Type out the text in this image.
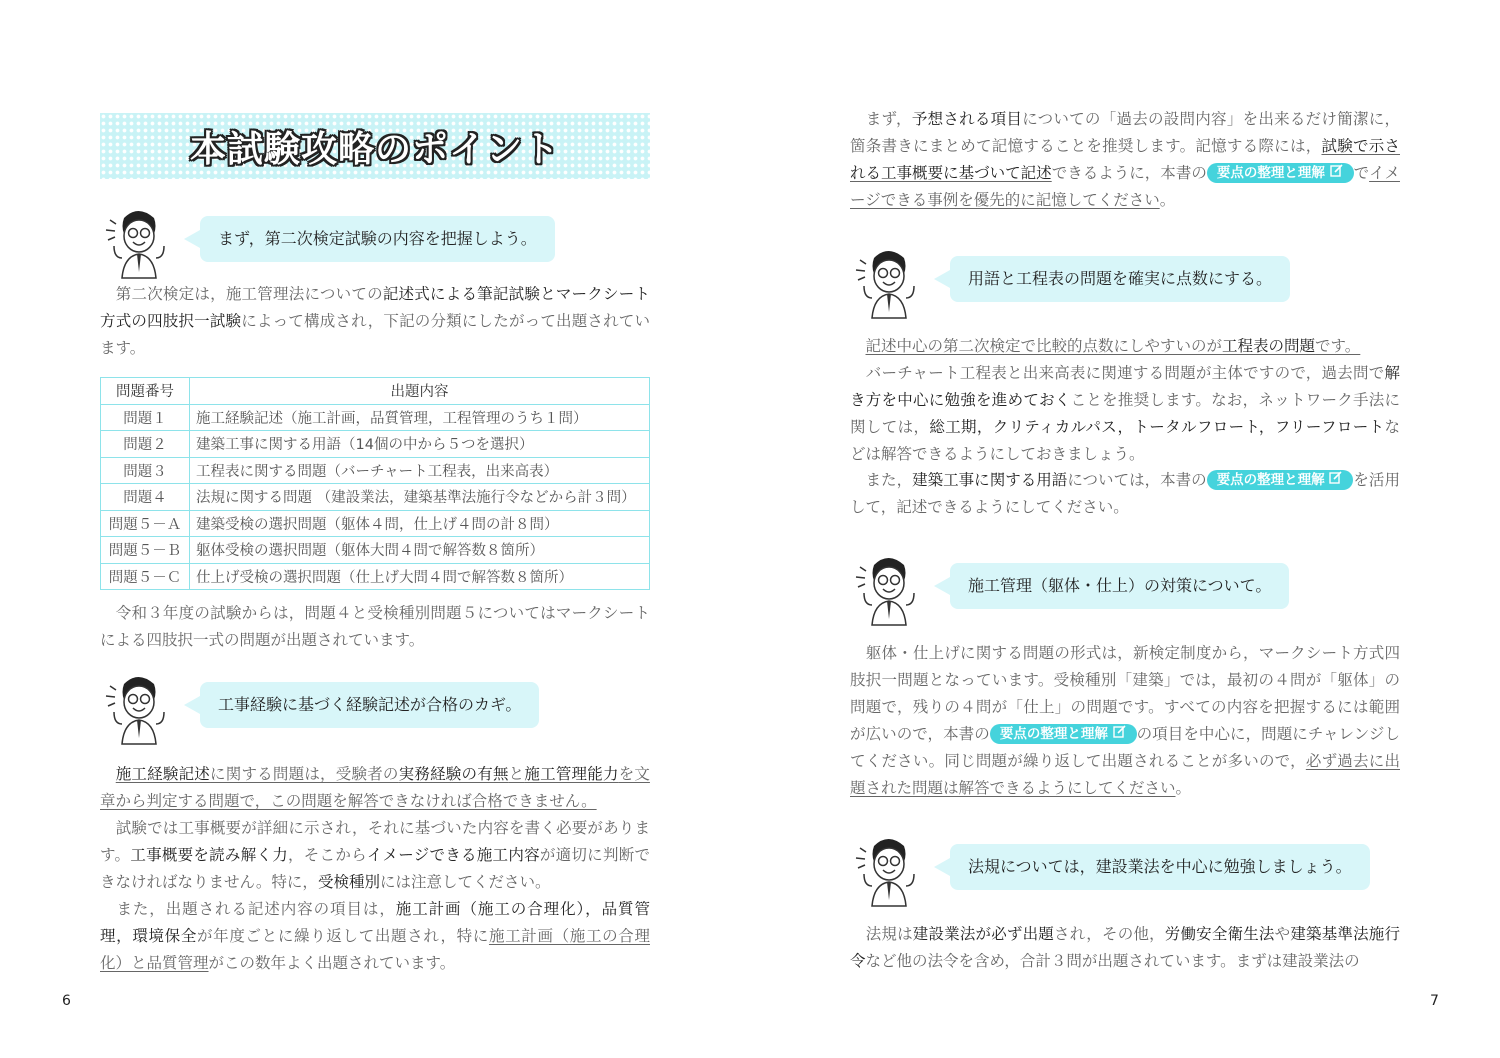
本試験攻略のポイント
まず，第二次検定試験の内容を把握しよう。

　第二次検定は，施工管理法についての記述式による筆記試験とマークシート方式の四肢択一試験によって構成され，下記の分類にしたがって出題されています。

問題番号	出題内容
問題１	施工経験記述（施工計画，品質管理，工程管理のうち１問）
問題２	建築工事に関する用語（14個の中から５つを選択）
問題３	工程表に関する問題（バーチャート工程表，出来高表）
問題４	法規に関する問題 （建設業法，建築基準法施行令などから計３問）
問題５－Ａ	建築受検の選択問題（躯体４問，仕上げ４問の計８問）
問題５－Ｂ	躯体受検の選択問題（躯体大問４問で解答数８箇所）
問題５－Ｃ	仕上げ受検の選択問題（仕上げ大問４問で解答数８箇所）

　令和３年度の試験からは，問題４と受検種別問題５についてはマークシートによる四肢択一式の問題が出題されています。

工事経験に基づく経験記述が合格のカギ。

　施工経験記述に関する問題は，受験者の実務経験の有無と施工管理能力を文章から判定する問題で，この問題を解答できなければ合格できません。

　試験では工事概要が詳細に示され，それに基づいた内容を書く必要があります。工事概要を読み解く力，そこからイメージできる施工内容が適切に判断できなければなりません。特に，受検種別には注意してください。

　また，出題される記述内容の項目は，施工計画（施工の合理化），品質管理，環境保全が年度ごとに繰り返して出題され，特に施工計画（施工の合理化）と品質管理がこの数年よく出題されています。

6

　まず，予想される項目についての「過去の設問内容」を出来るだけ簡潔に，箇条書きにまとめて記憶することを推奨します。記憶する際には，試験で示される工事概要に基づいて記述できるように，本書の 要点の整理と理解 でイメージできる事例を優先的に記憶してください。

用語と工程表の問題を確実に点数にする。

　記述中心の第二次検定で比較的点数にしやすいのが工程表の問題です。

　バーチャート工程表と出来高表に関連する問題が主体ですので，過去問で解き方を中心に勉強を進めておくことを推奨します。なお，ネットワーク手法に関しては，総工期，クリティカルパス，トータルフロート，フリーフロートなどは解答できるようにしておきましょう。

　また，建築工事に関する用語については，本書の 要点の整理と理解 を活用して，記述できるようにしてください。

施工管理（躯体・仕上）の対策について。

　躯体・仕上げに関する問題の形式は，新検定制度から，マークシート方式四肢択一問題となっています。受検種別「建築」では，最初の４問が「躯体」の問題で，残りの４問が「仕上」の問題です。すべての内容を把握するには範囲が広いので，本書の 要点の整理と理解 の項目を中心に，問題にチャレンジしてください。同じ問題が繰り返して出題されることが多いので，必ず過去に出題された問題は解答できるようにしてください。

法規については，建設業法を中心に勉強しましょう。

　法規は建設業法が必ず出題され，その他，労働安全衛生法や建築基準法施行令など他の法令を含め，合計３問が出題されています。まずは建設業法の

7
